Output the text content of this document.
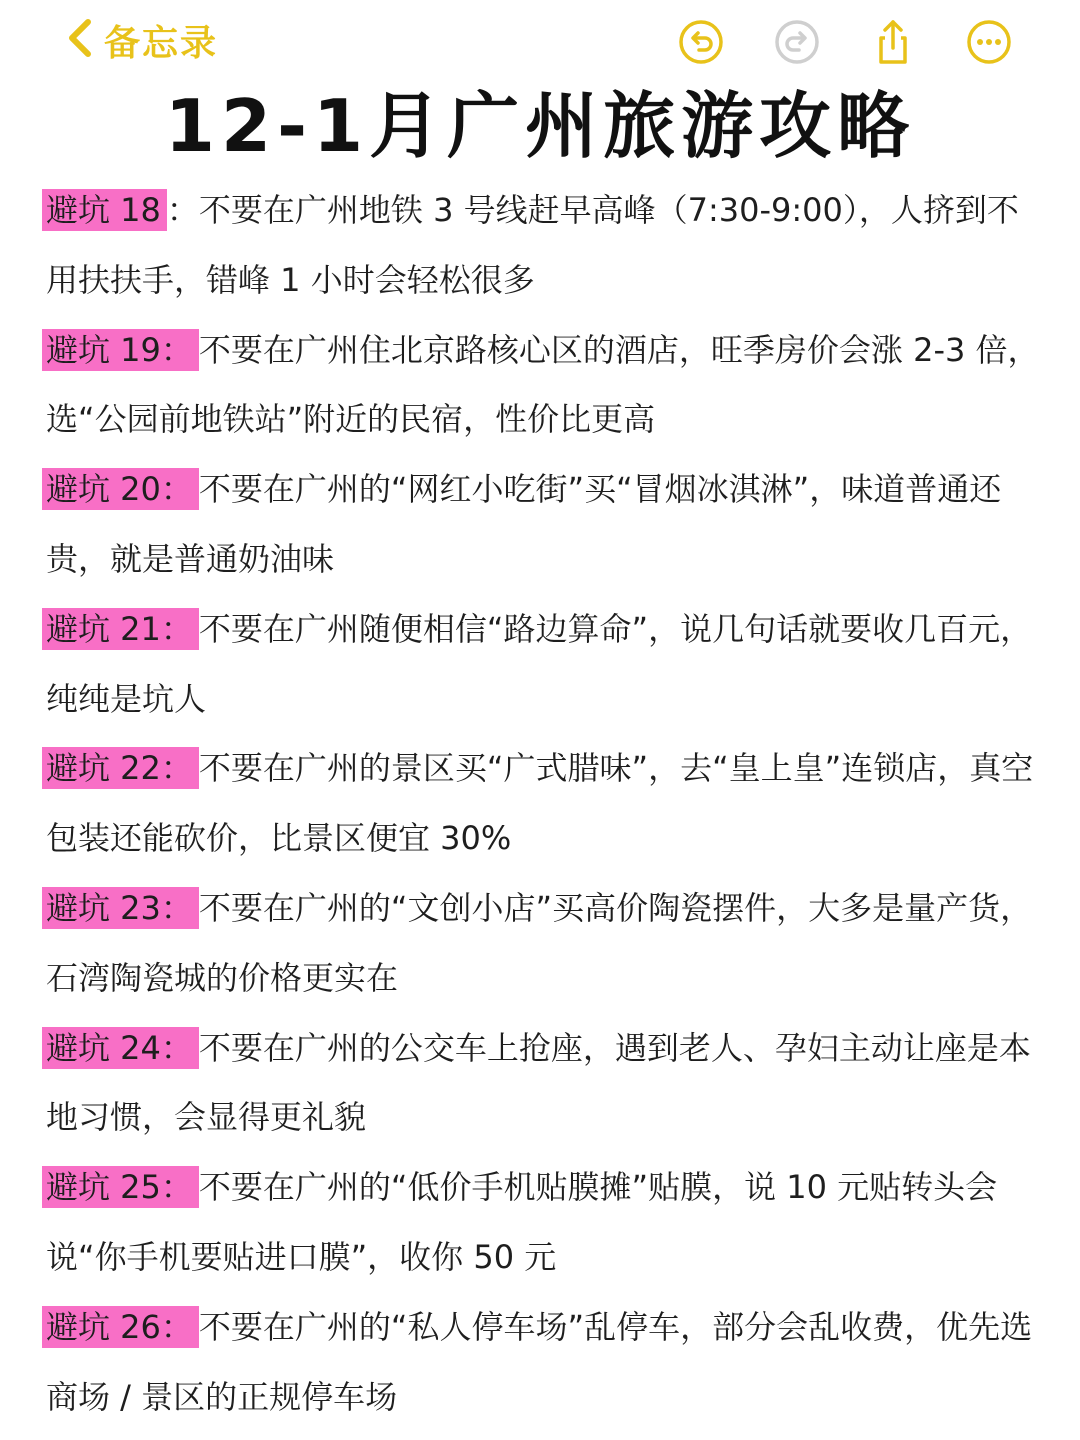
备忘录
12-1月广州旅游攻略

避坑 18 ：不要在广州地铁 3 号线赶早高峰（7:30-9:00），人挤到不用扶扶手，错峰 1 小时会轻松很多

避坑 19： 不要在广州住北京路核心区的酒店，旺季房价会涨 2-3 倍，选“公园前地铁站”附近的民宿，性价比更高

避坑 20： 不要在广州的“网红小吃街”买“冒烟冰淇淋”，味道普通还贵，就是普通奶油味

避坑 21： 不要在广州随便相信“路边算命”，说几句话就要收几百元，纯纯是坑人

避坑 22： 不要在广州的景区买“广式腊味”，去“皇上皇”连锁店，真空包装还能砍价，比景区便宜 30%

避坑 23： 不要在广州的“文创小店”买高价陶瓷摆件，大多是量产货，石湾陶瓷城的价格更实在

避坑 24： 不要在广州的公交车上抢座，遇到老人、孕妇主动让座是本地习惯，会显得更礼貌

避坑 25： 不要在广州的“低价手机贴膜摊”贴膜，说 10 元贴转头会说“你手机要贴进口膜”，收你 50 元

避坑 26： 不要在广州的“私人停车场”乱停车，部分会乱收费，优先选商场 / 景区的正规停车场
